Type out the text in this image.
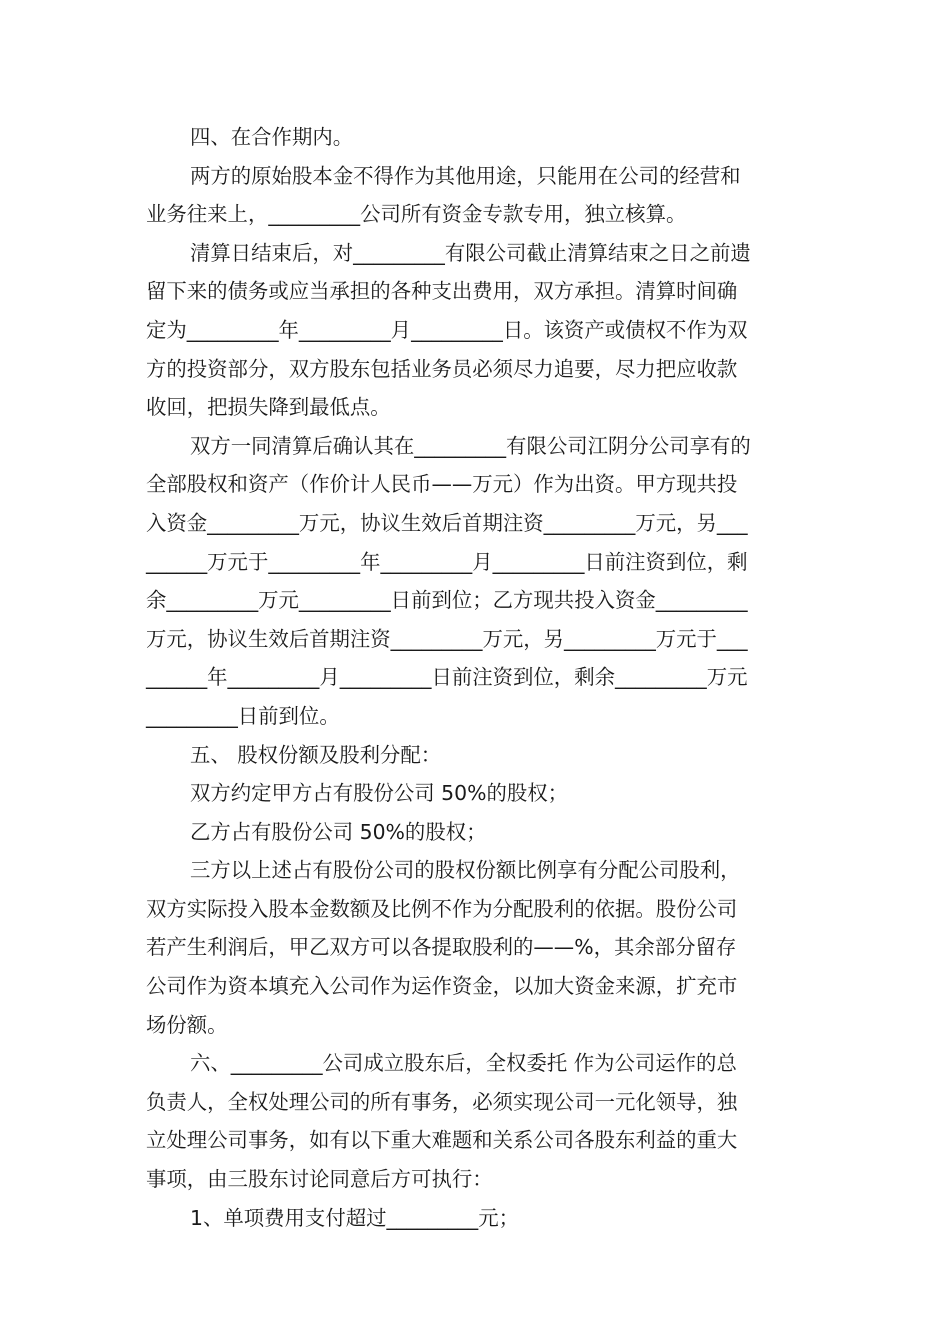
四、在合作期内。

两方的原始股本金不得作为其他用途，只能用在公司的经营和

业务往来上，_________公司所有资金专款专用，独立核算。

清算日结束后，对_________有限公司截止清算结束之日之前遗

留下来的债务或应当承担的各种支出费用，双方承担。清算时间确

定为_________年_________月_________日。该资产或债权不作为双

方的投资部分，双方股东包括业务员必须尽力追要，尽力把应收款

收回，把损失降到最低点。

双方一同清算后确认其在_________有限公司江阴分公司享有的

全部股权和资产（作价计人民币——万元）作为出资。甲方现共投

入资金_________万元，协议生效后首期注资_________万元，另___

______万元于_________年_________月_________日前注资到位，剩

余_________万元_________日前到位；乙方现共投入资金_________

万元，协议生效后首期注资_________万元，另_________万元于___

______年_________月_________日前注资到位，剩余_________万元

_________日前到位。

五、 股权份额及股利分配：

双方约定甲方占有股份公司 50%的股权；

乙方占有股份公司 50%的股权；

三方以上述占有股份公司的股权份额比例享有分配公司股利，

双方实际投入股本金数额及比例不作为分配股利的依据。股份公司

若产生利润后，甲乙双方可以各提取股利的——%，其余部分留存

公司作为资本填充入公司作为运作资金，以加大资金来源，扩充市

场份额。

六、_________公司成立股东后，全权委托 作为公司运作的总

负责人，全权处理公司的所有事务，必须实现公司一元化领导，独

立处理公司事务，如有以下重大难题和关系公司各股东利益的重大

事项，由三股东讨论同意后方可执行：

1、单项费用支付超过_________元；
